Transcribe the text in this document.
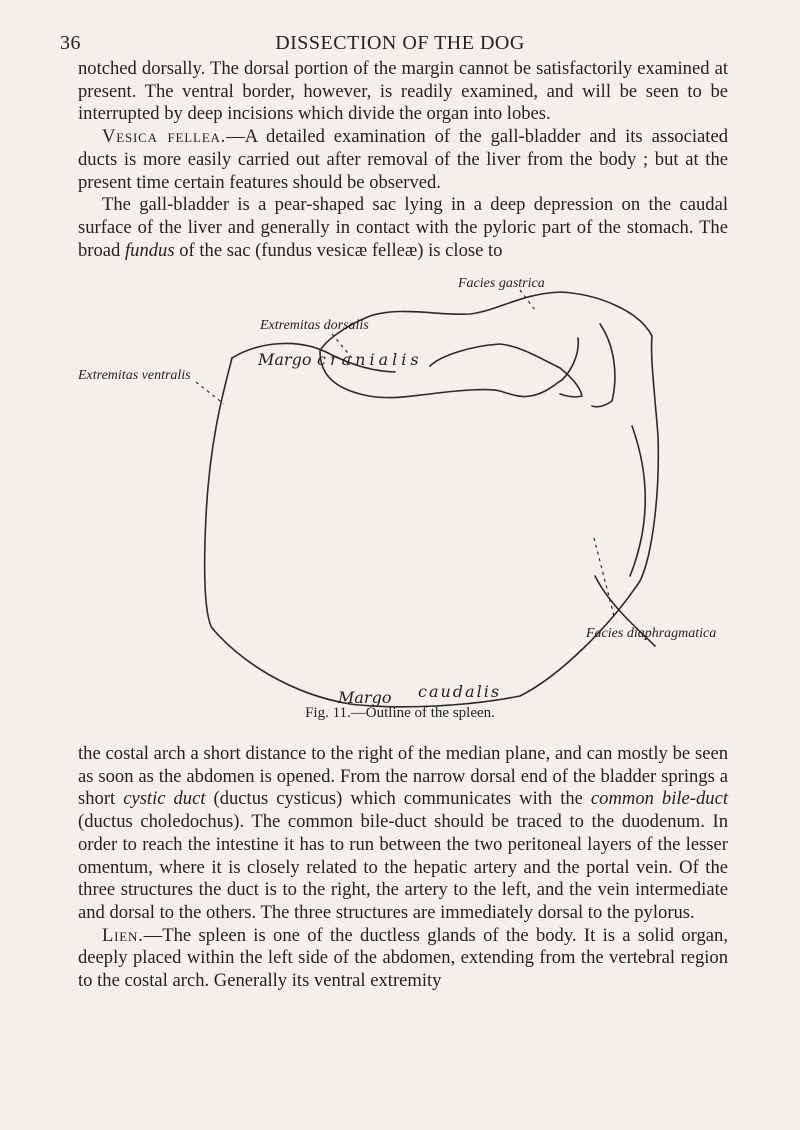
36	DISSECTION OF THE DOG

notched dorsally. The dorsal portion of the margin cannot be satisfactorily examined at present. The ventral border, however, is readily examined, and will be seen to be interrupted by deep incisions which divide the organ into lobes.

Vesica fellea.—A detailed examination of the gall-bladder and its associated ducts is more easily carried out after removal of the liver from the body ; but at the present time certain features should be observed.

The gall-bladder is a pear-shaped sac lying in a deep depression on the caudal surface of the liver and generally in contact with the pyloric part of the stomach. The broad fundus of the sac (fundus vesicæ felleæ) is close to

Facies gastrica
Extremitas dorsalis
Margo cranialis
Extremitas ventralis
Facies diaphragmatica
Margo caudalis
Fig. 11.—Outline of the spleen.

the costal arch a short distance to the right of the median plane, and can mostly be seen as soon as the abdomen is opened. From the narrow dorsal end of the bladder springs a short cystic duct (ductus cysticus) which communicates with the common bile-duct (ductus choledochus). The common bile-duct should be traced to the duodenum. In order to reach the intestine it has to run between the two peritoneal layers of the lesser omentum, where it is closely related to the hepatic artery and the portal vein. Of the three structures the duct is to the right, the artery to the left, and the vein intermediate and dorsal to the others. The three structures are immediately dorsal to the pylorus.

Lien.—The spleen is one of the ductless glands of the body. It is a solid organ, deeply placed within the left side of the abdomen, extending from the vertebral region to the costal arch. Generally its ventral extremity
